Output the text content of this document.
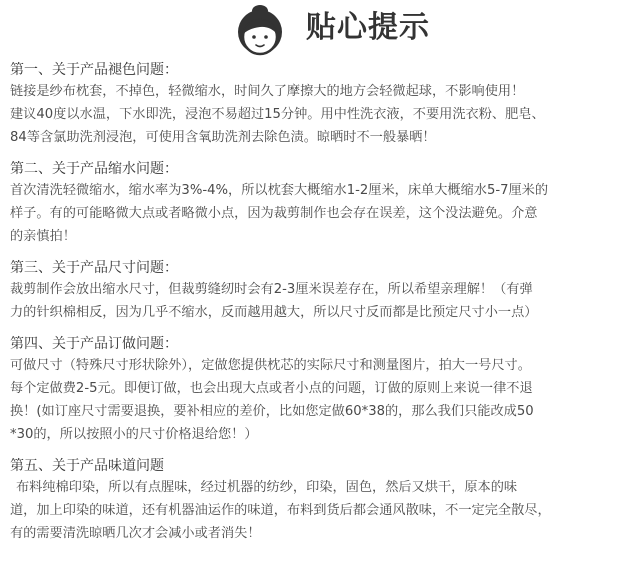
贴心提示

第一、关于产品褪色问题：

链接是纱布枕套，不掉色，轻微缩水，时间久了摩擦大的地方会轻微起球，不影响使用！

建议40度以水温，下水即洗，浸泡不易超过15分钟。用中性洗衣液，不要用洗衣粉、肥皂、

84等含氯助洗剂浸泡，可使用含氧助洗剂去除色渍。晾晒时不一般暴晒！

第二、关于产品缩水问题：

首次清洗轻微缩水，缩水率为3%-4%，所以枕套大概缩水1-2厘米，床单大概缩水5-7厘米的

样子。有的可能略微大点或者略微小点，因为裁剪制作也会存在误差，这个没法避免。介意

的亲慎拍！

第三、关于产品尺寸问题：

裁剪制作会放出缩水尺寸，但裁剪缝纫时会有2-3厘米误差存在，所以希望亲理解！（有弹

力的针织棉相反，因为几乎不缩水，反而越用越大，所以尺寸反而都是比预定尺寸小一点）

第四、关于产品订做问题：

可做尺寸（特殊尺寸形状除外），定做您提供枕芯的实际尺寸和测量图片，拍大一号尺寸。

每个定做费2-5元。即便订做，也会出现大点或者小点的问题，订做的原则上来说一律不退

换！(如订座尺寸需要退换，要补相应的差价，比如您定做60*38的，那么我们只能改成50

*30的，所以按照小的尺寸价格退给您！）

第五、关于产品味道问题

布料纯棉印染，所以有点腥味，经过机器的纺纱，印染，固色，然后又烘干，原本的味

道，加上印染的味道，还有机器油运作的味道，布料到货后都会通风散味，不一定完全散尽，

有的需要清洗晾晒几次才会减小或者消失！
